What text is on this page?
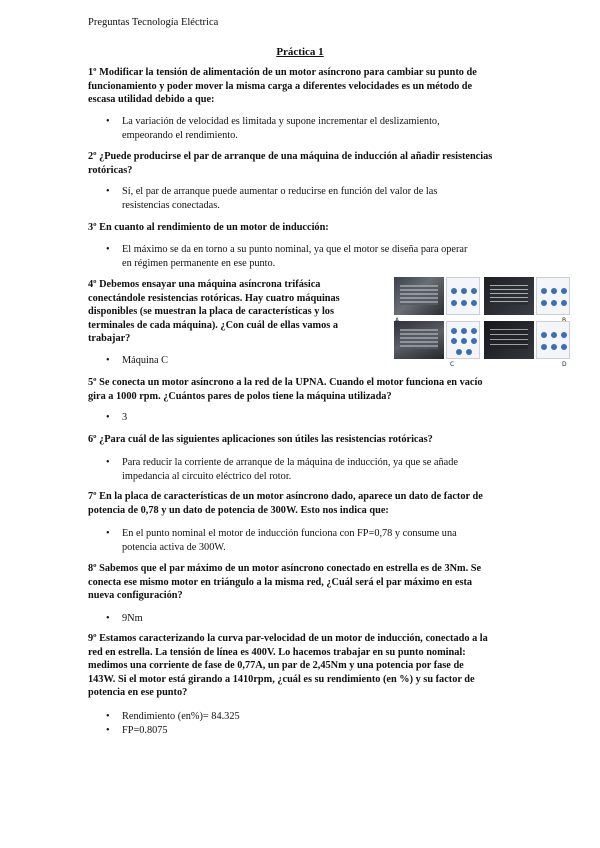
Preguntas Tecnología Eléctrica
Práctica 1
1º Modificar la tensión de alimentación de un motor asíncrono para cambiar su punto de
funcionamiento y poder mover la misma carga a diferentes velocidades es un método de
escasa utilidad debido a que:
• La variación de velocidad es limitada y supone incrementar el deslizamiento,
empeorando el rendimiento.
2º ¿Puede producirse el par de arranque de una máquina de inducción al añadir resistencias
rotóricas?
• Sí, el par de arranque puede aumentar o reducirse en función del valor de las
resistencias conectadas.
3º En cuanto al rendimiento de un motor de inducción:
• El máximo se da en torno a su punto nominal, ya que el motor se diseña para operar
en régimen permanente en ese punto.
4º Debemos ensayar una máquina asíncrona trifásica
conectándole resistencias rotóricas. Hay cuatro máquinas
disponibles (se muestran la placa de características y los
terminales de cada máquina). ¿Con cuál de ellas vamos a
trabajar?
• Máquina C	C	D
5º Se conecta un motor asíncrono a la red de la UPNA. Cuando el motor funciona en vacío
gira a 1000 rpm. ¿Cuántos pares de polos tiene la máquina utilizada?
• 3
6º ¿Para cuál de las siguientes aplicaciones son útiles las resistencias rotóricas?
• Para reducir la corriente de arranque de la máquina de inducción, ya que se añade
impedancia al circuito eléctrico del rotor.
7º En la placa de características de un motor asíncrono dado, aparece un dato de factor de
potencia de 0,78 y un dato de potencia de 300W. Esto nos indica que:
• En el punto nominal el motor de inducción funciona con FP=0,78 y consume una
potencia activa de 300W.
8º Sabemos que el par máximo de un motor asíncrono conectado en estrella es de 3Nm. Se
conecta ese mismo motor en triángulo a la misma red, ¿Cuál será el par máximo en esta
nueva configuración?
• 9Nm
9º Estamos caracterizando la curva par-velocidad de un motor de inducción, conectado a la
red en estrella. La tensión de línea es 400V. Lo hacemos trabajar en su punto nominal:
medimos una corriente de fase de 0,77A, un par de 2,45Nm y una potencia por fase de
143W. Si el motor está girando a 1410rpm, ¿cuál es su rendimiento (en %) y su factor de
potencia en ese punto?
• Rendimiento (en%)= 84.325
• FP=0.8075
